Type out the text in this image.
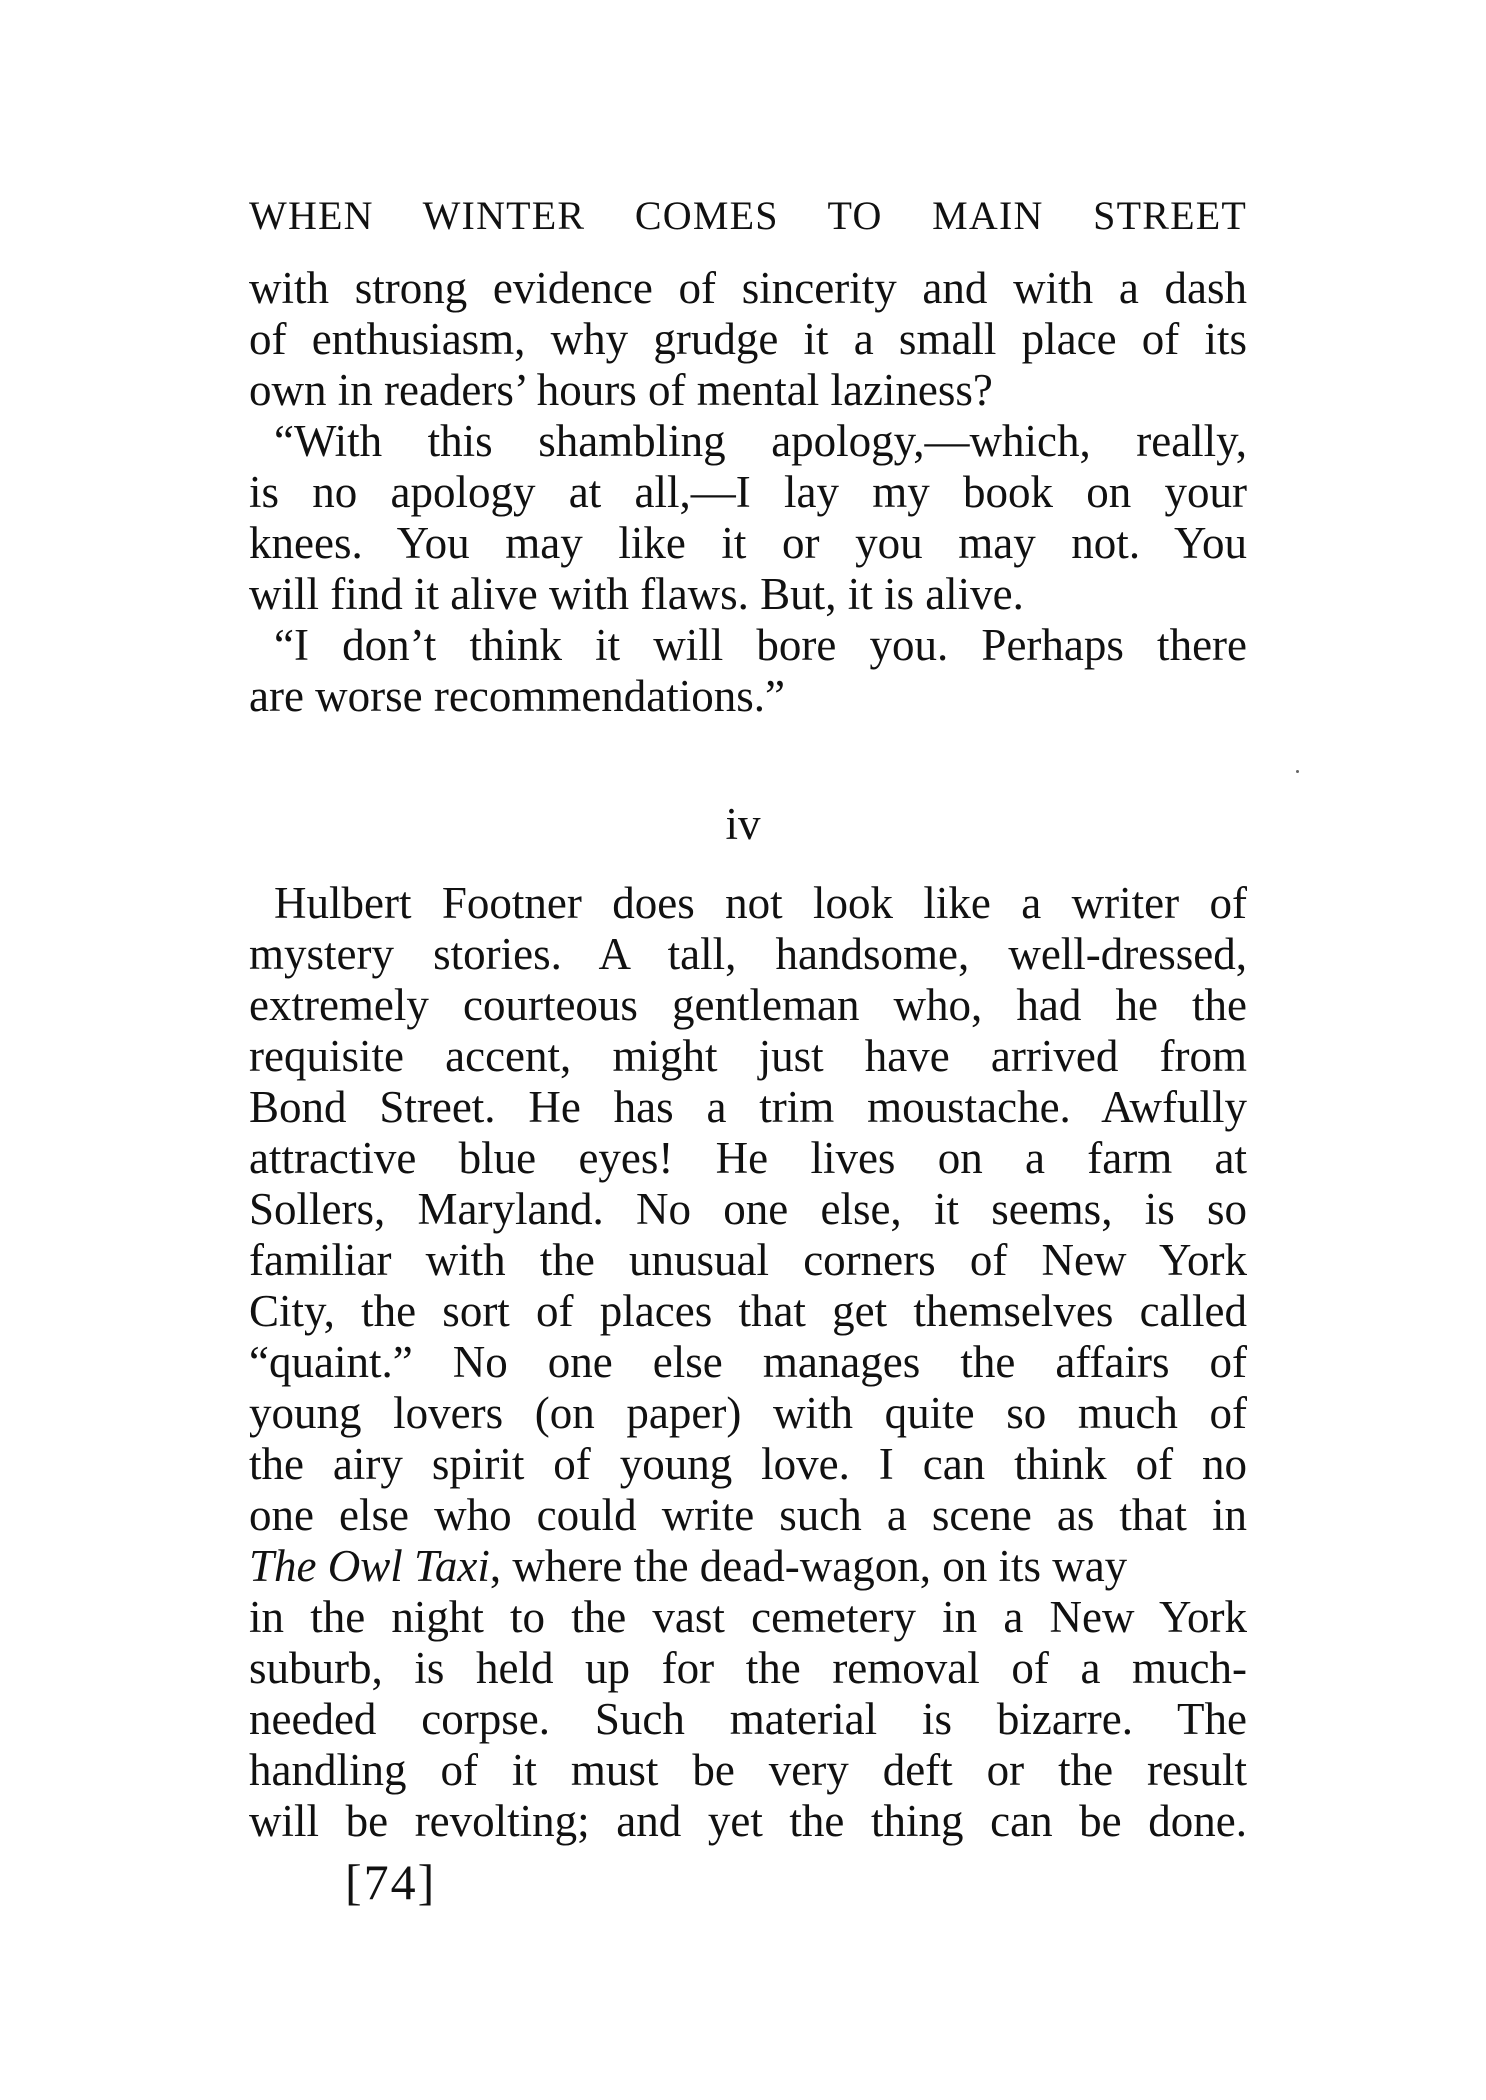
WHEN WINTER COMES TO MAIN STREET
with strong evidence of sincerity and with a dash
of enthusiasm, why grudge it a small place of its
own in readers’ hours of mental laziness?
“With this shambling apology,—which, really,
is no apology at all,—I lay my book on your
knees. You may like it or you may not. You
will find it alive with flaws. But, it is alive.
“I don’t think it will bore you. Perhaps there
are worse recommendations.”
iv
Hulbert Footner does not look like a writer of
mystery stories. A tall, handsome, well-dressed,
extremely courteous gentleman who, had he the
requisite accent, might just have arrived from
Bond Street. He has a trim moustache. Awfully
attractive blue eyes! He lives on a farm at
Sollers, Maryland. No one else, it seems, is so
familiar with the unusual corners of New York
City, the sort of places that get themselves called
“quaint.” No one else manages the affairs of
young lovers (on paper) with quite so much of
the airy spirit of young love. I can think of no
one else who could write such a scene as that in
The Owl Taxi, where the dead-wagon, on its way
in the night to the vast cemetery in a New York
suburb, is held up for the removal of a much-
needed corpse. Such material is bizarre. The
handling of it must be very deft or the result
will be revolting; and yet the thing can be done.
[74]
